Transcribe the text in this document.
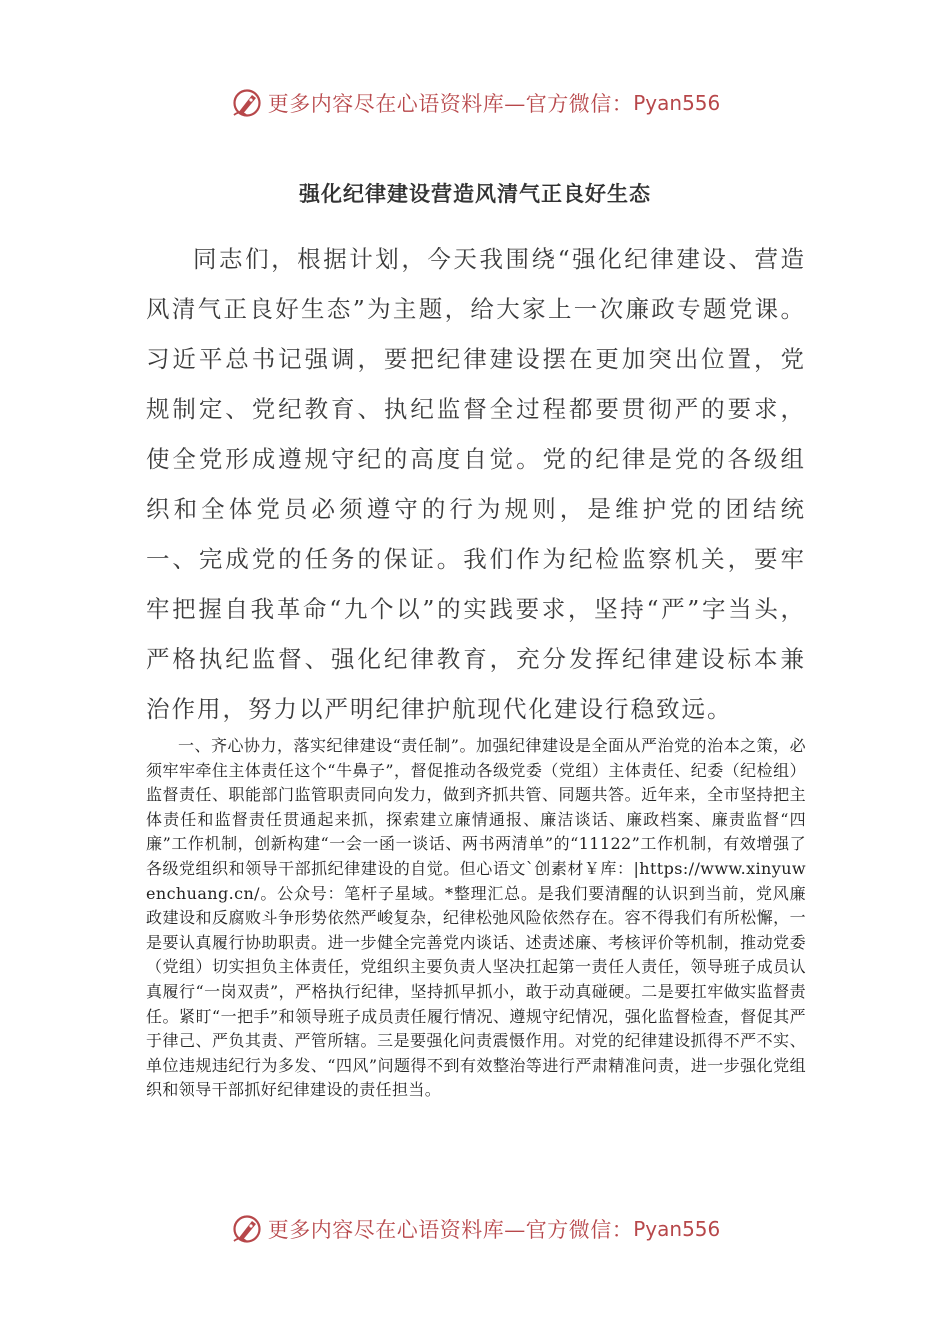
更多内容尽在心语资料库—官方微信： Pyan556
强化纪律建设营造风清气正良好生态

同志们，根据计划，今天我围绕“强化纪律建设、营造风清气正良好生态”为主题，给大家上一次廉政专题党课。习近平总书记强调，要把纪律建设摆在更加突出位置，党规制定、党纪教育、执纪监督全过程都要贯彻严的要求，使全党形成遵规守纪的高度自觉。党的纪律是党的各级组织和全体党员必须遵守的行为规则，是维护党的团结统一、完成党的任务的保证。我们作为纪检监察机关，要牢牢把握自我革命“九个以”的实践要求，坚持“严”字当头，严格执纪监督、强化纪律教育，充分发挥纪律建设标本兼治作用，努力以严明纪律护航现代化建设行稳致远。

一、齐心协力，落实纪律建设“责任制”。加强纪律建设是全面从严治党的治本之策，必须牢牢牵住主体责任这个“牛鼻子”，督促推动各级党委（党组）主体责任、纪委（纪检组）监督责任、职能部门监管职责同向发力，做到齐抓共管、同题共答。近年来，全市坚持把主体责任和监督责任贯通起来抓，探索建立廉情通报、廉洁谈话、廉政档案、廉责监督“四廉”工作机制，创新构建“一会一函一谈话、两书两清单”的“11122”工作机制，有效增强了各级党组织和领导干部抓纪律建设的自觉。但心语文`创素材￥库：|https://www.xinyuwenchuang.cn/。公众号：笔杆子星域。*整理汇总。是我们要清醒的认识到当前，党风廉政建设和反腐败斗争形势依然严峻复杂，纪律松弛风险依然存在。容不得我们有所松懈，一是要认真履行协助职责。进一步健全完善党内谈话、述责述廉、考核评价等机制，推动党委（党组）切实担负主体责任，党组织主要负责人坚决扛起第一责任人责任，领导班子成员认真履行“一岗双责”，严格执行纪律，坚持抓早抓小，敢于动真碰硬。二是要扛牢做实监督责任。紧盯“一把手”和领导班子成员责任履行情况、遵规守纪情况，强化监督检查，督促其严于律己、严负其责、严管所辖。三是要强化问责震慑作用。对党的纪律建设抓得不严不实、单位违规违纪行为多发、“四风”问题得不到有效整治等进行严肃精准问责，进一步强化党组织和领导干部抓好纪律建设的责任担当。

更多内容尽在心语资料库—官方微信： Pyan556
